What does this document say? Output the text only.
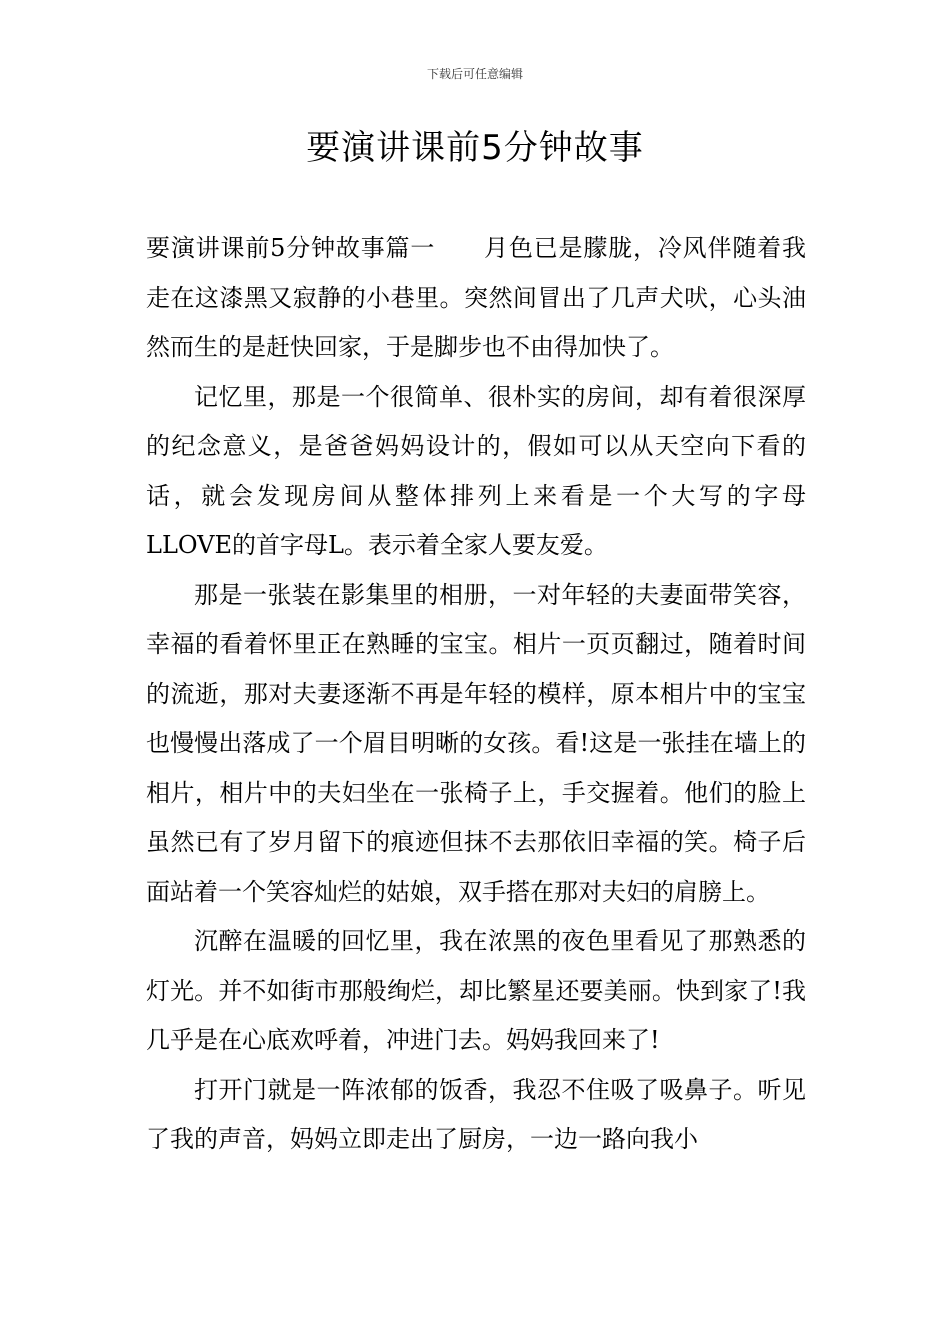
下载后可任意编辑
要演讲课前5分钟故事

要演讲课前5分钟故事篇一 月色已是朦胧，冷风伴随着我走在这漆黑又寂静的小巷里。突然间冒出了几声犬吠，心头油然而生的是赶快回家，于是脚步也不由得加快了。

记忆里，那是一个很简单、很朴实的房间，却有着很深厚的纪念意义，是爸爸妈妈设计的，假如可以从天空向下看的话，就会发现房间从整体排列上来看是一个大写的字母LLOVE的首字母L。表示着全家人要友爱。

那是一张装在影集里的相册，一对年轻的夫妻面带笑容，幸福的看着怀里正在熟睡的宝宝。相片一页页翻过，随着时间的流逝，那对夫妻逐渐不再是年轻的模样，原本相片中的宝宝也慢慢出落成了一个眉目明晰的女孩。看!这是一张挂在墙上的相片，相片中的夫妇坐在一张椅子上，手交握着。他们的脸上虽然已有了岁月留下的痕迹但抹不去那依旧幸福的笑。椅子后面站着一个笑容灿烂的姑娘，双手搭在那对夫妇的肩膀上。

沉醉在温暖的回忆里，我在浓黑的夜色里看见了那熟悉的灯光。并不如街市那般绚烂，却比繁星还要美丽。快到家了!我几乎是在心底欢呼着，冲进门去。妈妈我回来了!

打开门就是一阵浓郁的饭香，我忍不住吸了吸鼻子。听见了我的声音，妈妈立即走出了厨房，一边一路向我小
